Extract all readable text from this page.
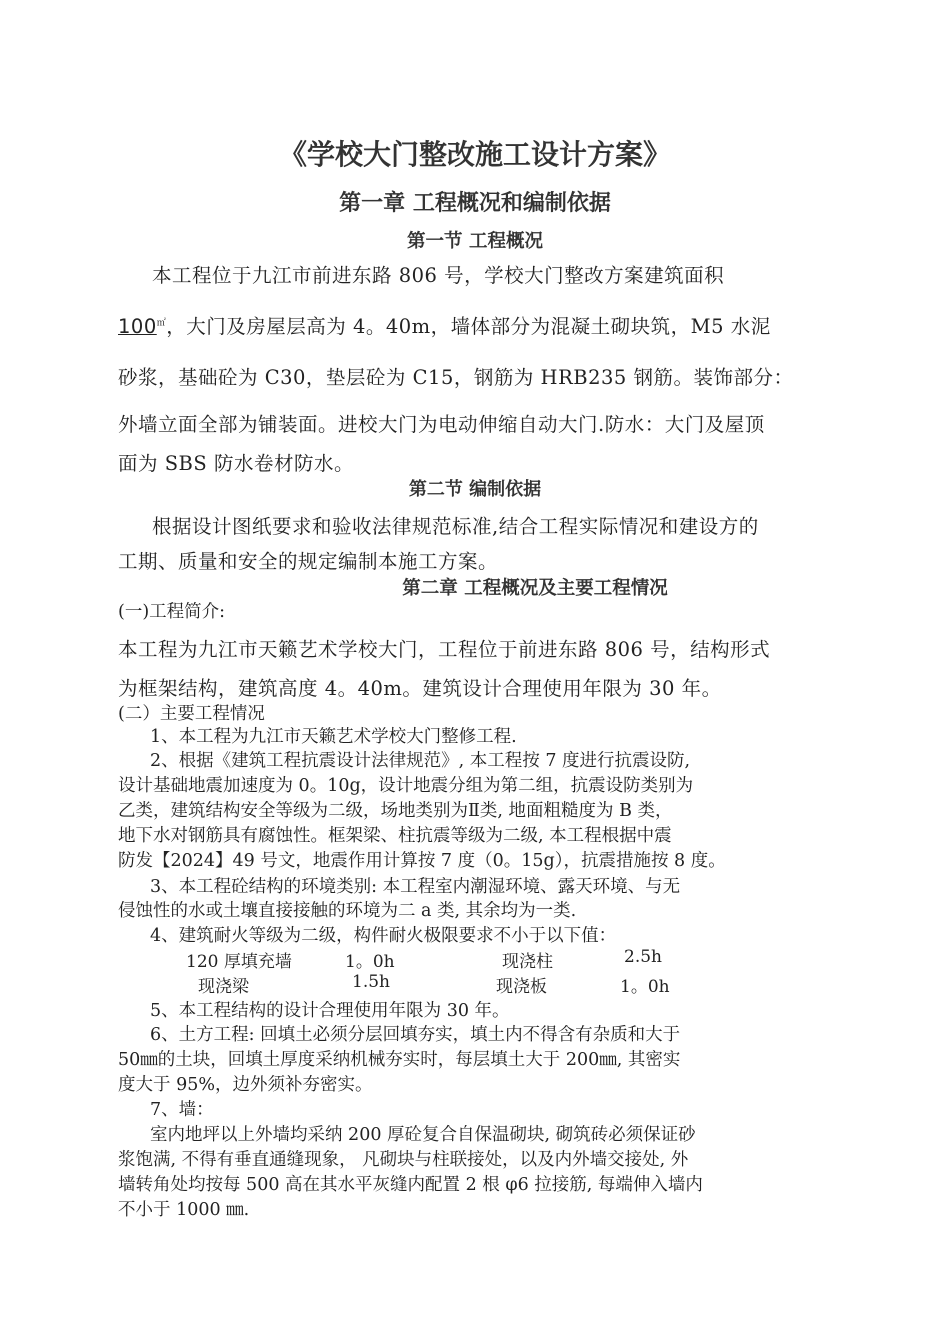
《学校大门整改施工设计方案》
第一章 工程概况和编制依据
第一节 工程概况
本工程位于九江市前进东路 806 号，学校大门整改方案建筑面积
100㎡，大门及房屋层高为 4。40m，墙体部分为混凝土砌块筑，M5 水泥
砂浆，基础砼为 C30，垫层砼为 C15，钢筋为 HRB235 钢筋。装饰部分：
外墙立面全部为铺装面。进校大门为电动伸缩自动大门.防水：大门及屋顶
面为 SBS 防水卷材防水。
第二节 编制依据
根据设计图纸要求和验收法律规范标准,结合工程实际情况和建设方的
工期、质量和安全的规定编制本施工方案。
第二章 工程概况及主要工程情况
(一)工程简介:
本工程为九江市天籁艺术学校大门，工程位于前进东路 806 号，结构形式
为框架结构，建筑高度 4。40m。建筑设计合理使用年限为 30 年。
(二）主要工程情况
1、本工程为九江市天籁艺术学校大门整修工程.
2、根据《建筑工程抗震设计法律规范》, 本工程按 7 度进行抗震设防,
设计基础地震加速度为 0。10g，设计地震分组为第二组，抗震设防类别为
乙类，建筑结构安全等级为二级，场地类别为Ⅱ类, 地面粗糙度为 B 类，
地下水对钢筋具有腐蚀性。框架梁、柱抗震等级为二级, 本工程根据中震
防发【2024】49 号文，地震作用计算按 7 度（0。15g），抗震措施按 8 度。
3、本工程砼结构的环境类别: 本工程室内潮湿环境、露天环境、与无
侵蚀性的水或土壤直接接触的环境为二 a 类, 其余均为一类.
4、建筑耐火等级为二级，构件耐火极限要求不小于以下值：
120 厚填充墙	1。0h	现浇柱	2.5h
现浇梁	1.5h	现浇板	1。0h
5、本工程结构的设计合理使用年限为 30 年。
6、土方工程: 回填土必须分层回填夯实，填土内不得含有杂质和大于
50㎜的土块，回填土厚度采纳机械夯实时，每层填土大于 200㎜, 其密实
度大于 95%，边外须补夯密实。
7、墙：
室内地坪以上外墙均采纳 200 厚砼复合自保温砌块, 砌筑砖必须保证砂
浆饱满, 不得有垂直通缝现象， 凡砌块与柱联接处，以及内外墙交接处, 外
墙转角处均按每 500 高在其水平灰缝内配置 2 根 φ6 拉接筋, 每端伸入墙内
不小于 1000 ㎜.
